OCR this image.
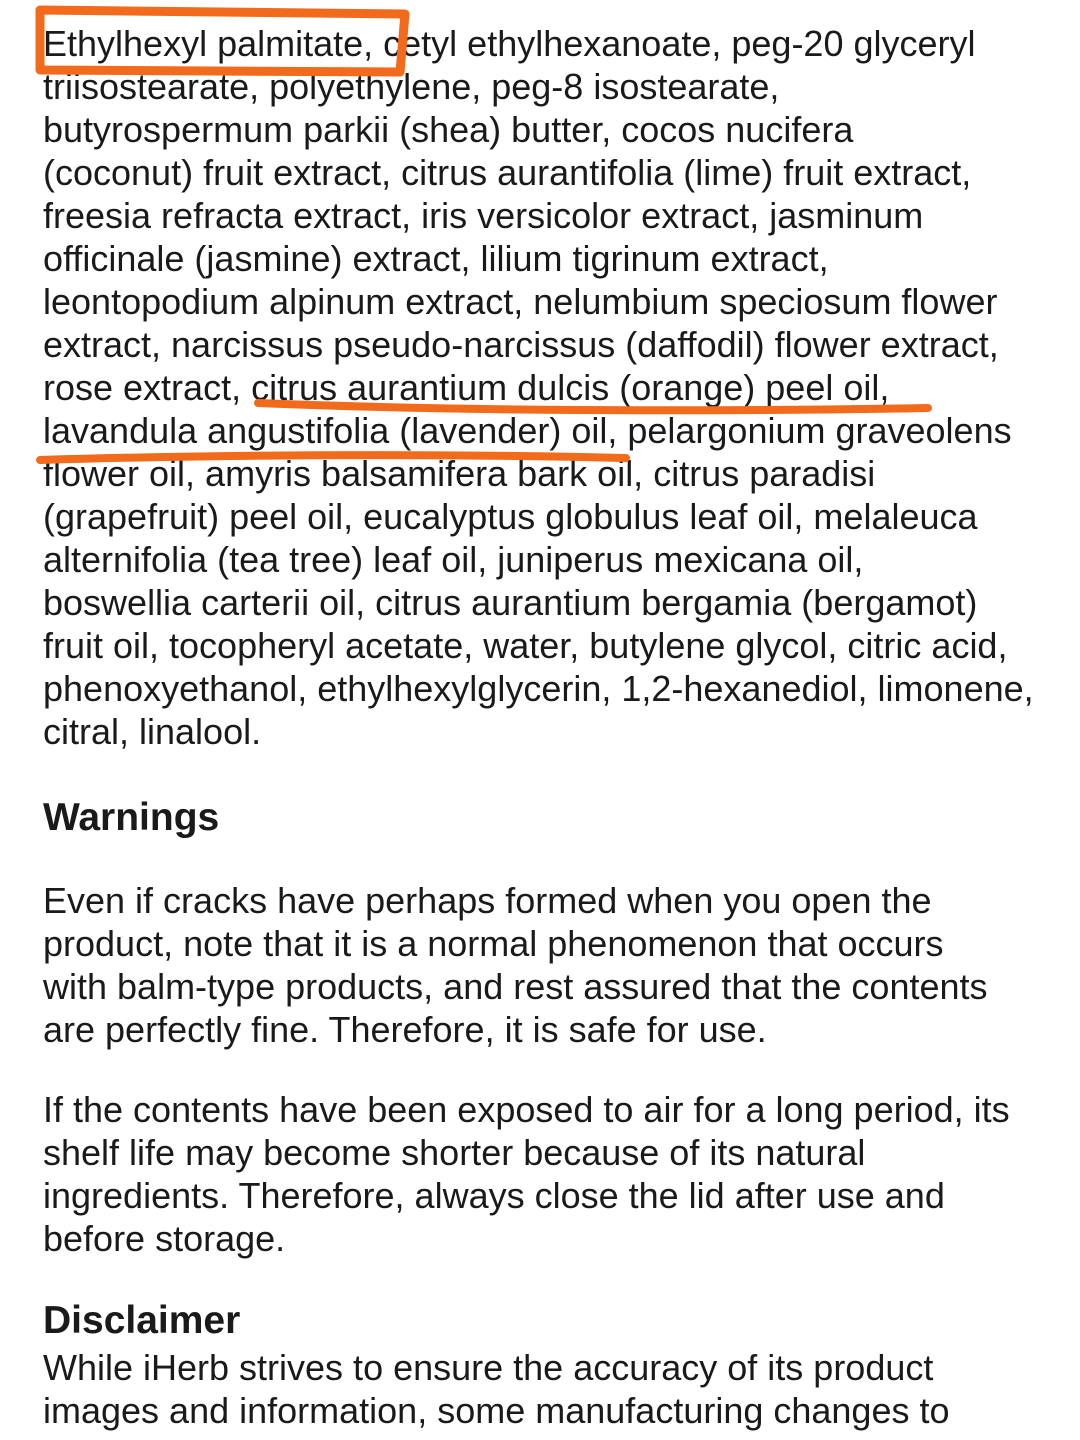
Ethylhexyl palmitate, cetyl ethylhexanoate, peg-20 glyceryl
triisostearate, polyethylene, peg-8 isostearate,
butyrospermum parkii (shea) butter, cocos nucifera
(coconut) fruit extract, citrus aurantifolia (lime) fruit extract,
freesia refracta extract, iris versicolor extract, jasminum
officinale (jasmine) extract, lilium tigrinum extract,
leontopodium alpinum extract, nelumbium speciosum flower
extract, narcissus pseudo-narcissus (daffodil) flower extract,
rose extract, citrus aurantium dulcis (orange) peel oil,
lavandula angustifolia (lavender) oil, pelargonium graveolens
flower oil, amyris balsamifera bark oil, citrus paradisi
(grapefruit) peel oil, eucalyptus globulus leaf oil, melaleuca
alternifolia (tea tree) leaf oil, juniperus mexicana oil,
boswellia carterii oil, citrus aurantium bergamia (bergamot)
fruit oil, tocopheryl acetate, water, butylene glycol, citric acid,
phenoxyethanol, ethylhexylglycerin, 1,2-hexanediol, limonene,
citral, linalool.

Warnings

Even if cracks have perhaps formed when you open the
product, note that it is a normal phenomenon that occurs
with balm-type products, and rest assured that the contents
are perfectly fine. Therefore, it is safe for use.

If the contents have been exposed to air for a long period, its
shelf life may become shorter because of its natural
ingredients. Therefore, always close the lid after use and
before storage.

Disclaimer

While iHerb strives to ensure the accuracy of its product
images and information, some manufacturing changes to
